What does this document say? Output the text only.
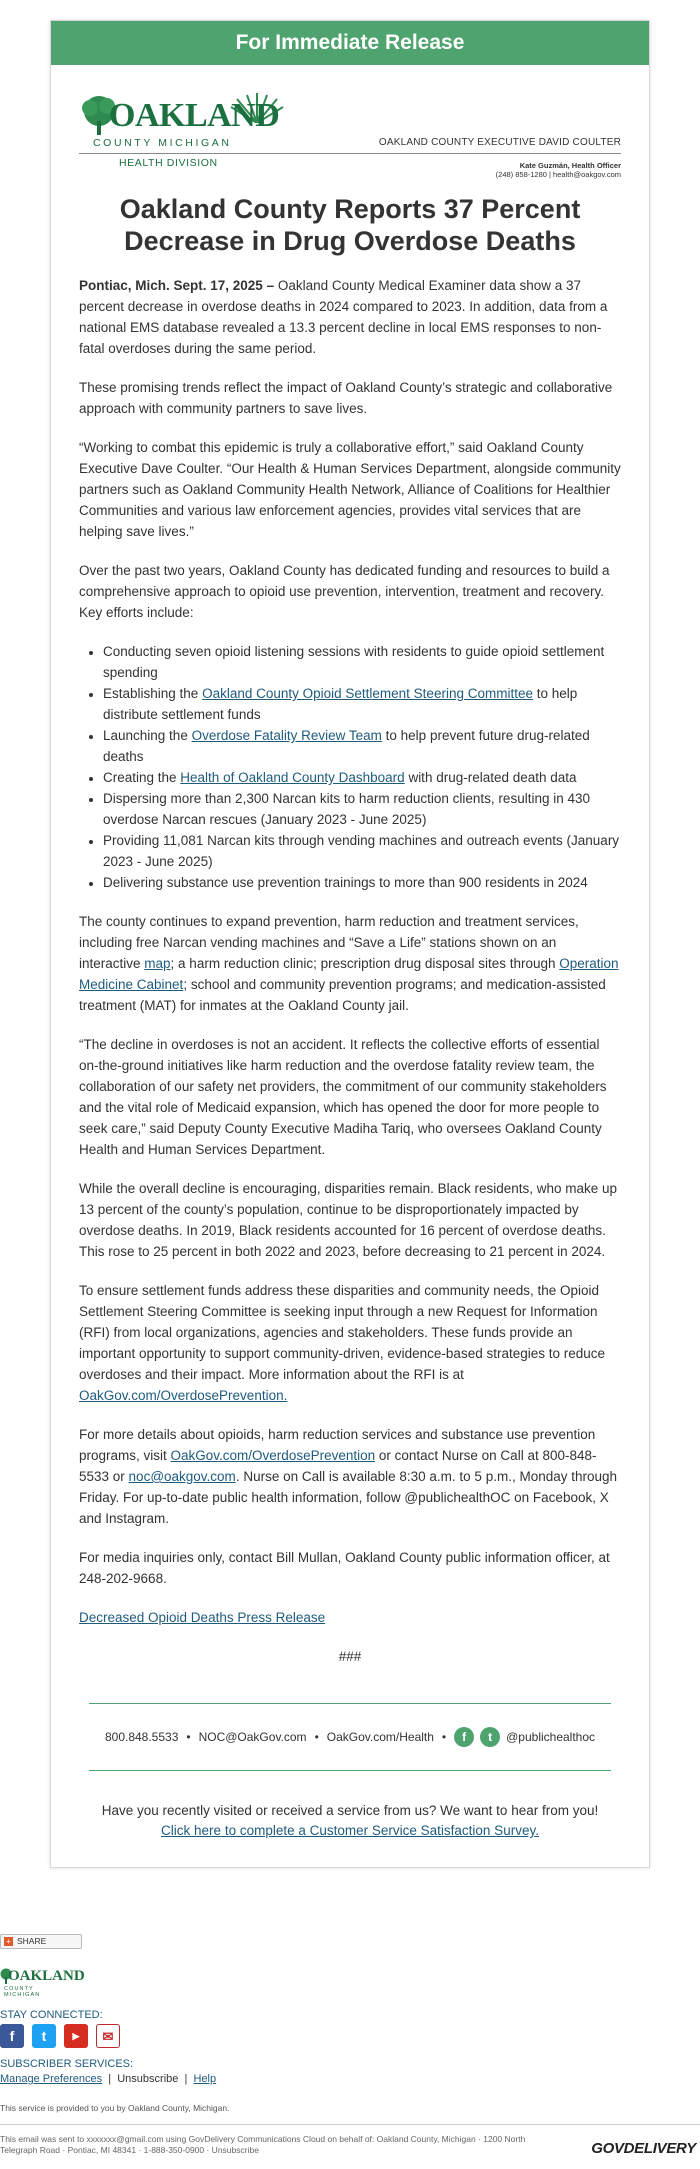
For Immediate Release
OAKLAND
COUNTY MICHIGAN
HEALTH DIVISION
OAKLAND COUNTY EXECUTIVE DAVID COULTER
Kate Guzmán, Health Officer
(248) 858-1280 | health@oakgov.com
Oakland County Reports 37 Percent Decrease in Drug Overdose Deaths

Pontiac, Mich. Sept. 17, 2025 – Oakland County Medical Examiner data show a 37 percent decrease in overdose deaths in 2024 compared to 2023. In addition, data from a national EMS database revealed a 13.3 percent decline in local EMS responses to non-fatal overdoses during the same period.

These promising trends reflect the impact of Oakland County’s strategic and collaborative approach with community partners to save lives.

“Working to combat this epidemic is truly a collaborative effort,” said Oakland County Executive Dave Coulter. “Our Health & Human Services Department, alongside community partners such as Oakland Community Health Network, Alliance of Coalitions for Healthier Communities and various law enforcement agencies, provides vital services that are helping save lives.”

Over the past two years, Oakland County has dedicated funding and resources to build a comprehensive approach to opioid use prevention, intervention, treatment and recovery. Key efforts include:

• Conducting seven opioid listening sessions with residents to guide opioid settlement spending
• Establishing the Oakland County Opioid Settlement Steering Committee to help distribute settlement funds
• Launching the Overdose Fatality Review Team to help prevent future drug-related deaths
• Creating the Health of Oakland County Dashboard with drug-related death data
• Dispersing more than 2,300 Narcan kits to harm reduction clients, resulting in 430 overdose Narcan rescues (January 2023 - June 2025)
• Providing 11,081 Narcan kits through vending machines and outreach events (January 2023 - June 2025)
• Delivering substance use prevention trainings to more than 900 residents in 2024

The county continues to expand prevention, harm reduction and treatment services, including free Narcan vending machines and “Save a Life” stations shown on an interactive map; a harm reduction clinic; prescription drug disposal sites through Operation Medicine Cabinet; school and community prevention programs; and medication-assisted treatment (MAT) for inmates at the Oakland County jail.

“The decline in overdoses is not an accident. It reflects the collective efforts of essential on-the-ground initiatives like harm reduction and the overdose fatality review team, the collaboration of our safety net providers, the commitment of our community stakeholders and the vital role of Medicaid expansion, which has opened the door for more people to seek care,” said Deputy County Executive Madiha Tariq, who oversees Oakland County Health and Human Services Department.

While the overall decline is encouraging, disparities remain. Black residents, who make up 13 percent of the county’s population, continue to be disproportionately impacted by overdose deaths. In 2019, Black residents accounted for 16 percent of overdose deaths. This rose to 25 percent in both 2022 and 2023, before decreasing to 21 percent in 2024.

To ensure settlement funds address these disparities and community needs, the Opioid Settlement Steering Committee is seeking input through a new Request for Information (RFI) from local organizations, agencies and stakeholders. These funds provide an important opportunity to support community-driven, evidence-based strategies to reduce overdoses and their impact. More information about the RFI is at OakGov.com/OverdosePrevention.

For more details about opioids, harm reduction services and substance use prevention programs, visit OakGov.com/OverdosePrevention or contact Nurse on Call at 800-848-5533 or noc@oakgov.com. Nurse on Call is available 8:30 a.m. to 5 p.m., Monday through Friday. For up-to-date public health information, follow @publichealthOC on Facebook, X and Instagram.

For media inquiries only, contact Bill Mullan, Oakland County public information officer, at 248-202-9668.

Decreased Opioid Deaths Press Release

###

800.848.5533 • NOC@OakGov.com • OakGov.com/Health •	f	t	@publichealthoc
Have you recently visited or received a service from us? We want to hear from you!
Click here to complete a Customer Service Satisfaction Survey.
+ SHARE
OAKLAND
COUNTY MICHIGAN
STAY CONNECTED:
f	t	▶	✉
SUBSCRIBER SERVICES:
Manage Preferences | Unsubscribe | Help
This service is provided to you by Oakland County, Michigan.
This email was sent to xxxxxxx@gmail.com using GovDelivery Communications Cloud on behalf of: Oakland County, Michigan · 1200 North Telegraph Road · Pontiac, MI 48341 · 1-888-350-0900 · Unsubscribe	GOVDELIVERY
